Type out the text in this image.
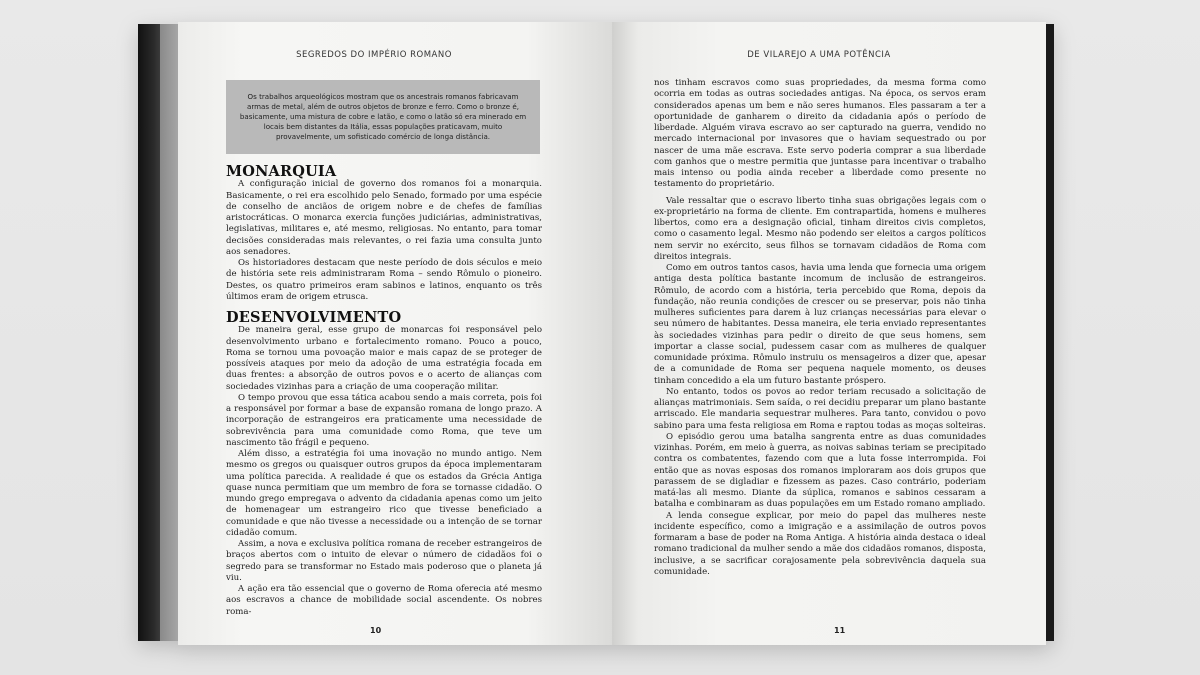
SEGREDOS DO IMPÉRIO ROMANO
Os trabalhos arqueológicos mostram que os ancestrais romanos fabricavam armas de metal, além de outros objetos de bronze e ferro. Como o bronze é, basicamente, uma mistura de cobre e latão, e como o latão só era minerado em locais bem distantes da Itália, essas populações praticavam, muito provavelmente, um sofisticado comércio de longa distância.
MONARQUIA

A configuração inicial de governo dos romanos foi a monarquia. Basicamente, o rei era escolhido pelo Senado, formado por uma espécie de conselho de anciãos de origem nobre e de chefes de famílias aristocráticas. O monarca exercia funções judiciárias, administrativas, legislativas, militares e, até mesmo, religiosas. No entanto, para tomar decisões consideradas mais relevantes, o rei fazia uma consulta junto aos senadores.

Os historiadores destacam que neste período de dois séculos e meio de história sete reis administraram Roma – sendo Rômulo o pioneiro. Destes, os quatro primeiros eram sabinos e latinos, enquanto os três últimos eram de origem etrusca.

DESENVOLVIMENTO

De maneira geral, esse grupo de monarcas foi responsável pelo desenvolvimento urbano e fortalecimento romano. Pouco a pouco, Roma se tornou uma povoação maior e mais capaz de se proteger de possíveis ataques por meio da adoção de uma estratégia focada em duas frentes: a absorção de outros povos e o acerto de alianças com sociedades vizinhas para a criação de uma cooperação militar.

O tempo provou que essa tática acabou sendo a mais correta, pois foi a responsável por formar a base de expansão romana de longo prazo. A incorporação de estrangeiros era praticamente uma necessidade de sobrevivência para uma comunidade como Roma, que teve um nascimento tão frágil e pequeno.

Além disso, a estratégia foi uma inovação no mundo antigo. Nem mesmo os gregos ou quaisquer outros grupos da época implementaram uma política parecida. A realidade é que os estados da Grécia Antiga quase nunca permitiam que um membro de fora se tornasse cidadão. O mundo grego empregava o advento da cidadania apenas como um jeito de homenagear um estrangeiro rico que tivesse beneficiado a comunidade e que não tivesse a necessidade ou a intenção de se tornar cidadão comum.

Assim, a nova e exclusiva política romana de receber estrangeiros de braços abertos com o intuito de elevar o número de cidadãos foi o segredo para se transformar no Estado mais poderoso que o planeta já viu.

A ação era tão essencial que o governo de Roma oferecia até mesmo aos escravos a chance de mobilidade social ascendente. Os nobres roma-

10
DE VILAREJO A UMA POTÊNCIA

nos tinham escravos como suas propriedades, da mesma forma como ocorria em todas as outras sociedades antigas. Na época, os servos eram considerados apenas um bem e não seres humanos. Eles passaram a ter a oportunidade de ganharem o direito da cidadania após o período de liberdade. Alguém virava escravo ao ser capturado na guerra, vendido no mercado internacional por invasores que o haviam sequestrado ou por nascer de uma mãe escrava. Este servo poderia comprar a sua liberdade com ganhos que o mestre permitia que juntasse para incentivar o trabalho mais intenso ou podia ainda receber a liberdade como presente no testamento do proprietário.

Vale ressaltar que o escravo liberto tinha suas obrigações legais com o ex-proprietário na forma de cliente. Em contrapartida, homens e mulheres libertos, como era a designação oficial, tinham direitos civis completos, como o casamento legal. Mesmo não podendo ser eleitos a cargos políticos nem servir no exército, seus filhos se tornavam cidadãos de Roma com direitos integrais.

Como em outros tantos casos, havia uma lenda que fornecia uma origem antiga desta política bastante incomum de inclusão de estrangeiros. Rômulo, de acordo com a história, teria percebido que Roma, depois da fundação, não reunia condições de crescer ou se preservar, pois não tinha mulheres suficientes para darem à luz crianças necessárias para elevar o seu número de habitantes. Dessa maneira, ele teria enviado representantes às sociedades vizinhas para pedir o direito de que seus homens, sem importar a classe social, pudessem casar com as mulheres de qualquer comunidade próxima. Rômulo instruiu os mensageiros a dizer que, apesar de a comunidade de Roma ser pequena naquele momento, os deuses tinham concedido a ela um futuro bastante próspero.

No entanto, todos os povos ao redor teriam recusado a solicitação de alianças matrimoniais. Sem saída, o rei decidiu preparar um plano bastante arriscado. Ele mandaria sequestrar mulheres. Para tanto, convidou o povo sabino para uma festa religiosa em Roma e raptou todas as moças solteiras.

O episódio gerou uma batalha sangrenta entre as duas comunidades vizinhas. Porém, em meio à guerra, as noivas sabinas teriam se precipitado contra os combatentes, fazendo com que a luta fosse interrompida. Foi então que as novas esposas dos romanos imploraram aos dois grupos que parassem de se digladiar e fizessem as pazes. Caso contrário, poderiam matá-las ali mesmo. Diante da súplica, romanos e sabinos cessaram a batalha e combinaram as duas populações em um Estado romano ampliado.

A lenda consegue explicar, por meio do papel das mulheres neste incidente específico, como a imigração e a assimilação de outros povos formaram a base de poder na Roma Antiga. A história ainda destaca o ideal romano tradicional da mulher sendo a mãe dos cidadãos romanos, disposta, inclusive, a se sacrificar corajosamente pela sobrevivência daquela sua comunidade.

11
